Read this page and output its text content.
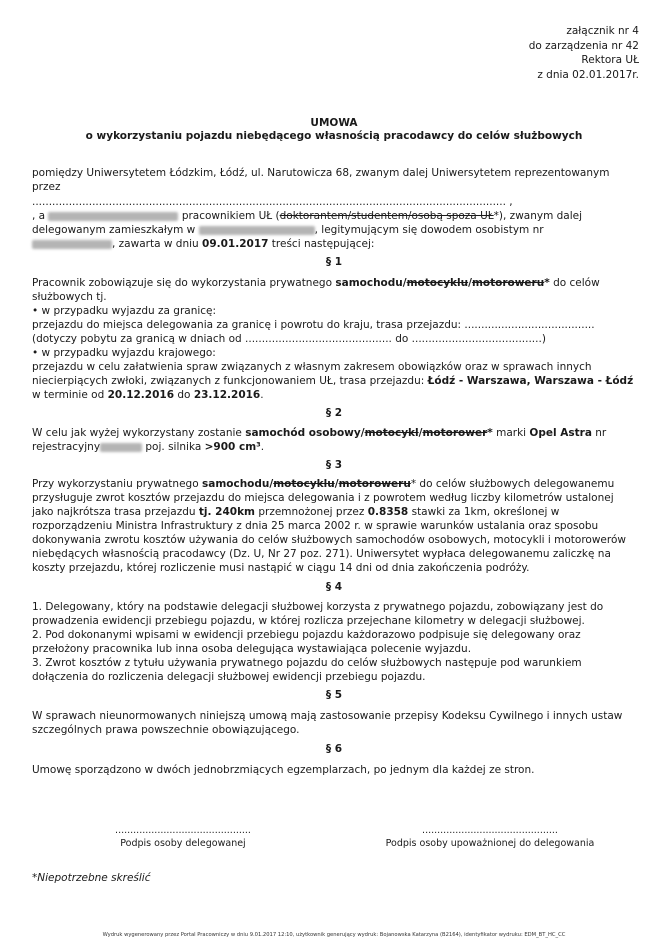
załącznik nr 4
do zarządzenia nr 42
Rektora UŁ
z dnia 02.01.2017r.
UMOWA
o wykorzystaniu pojazdu niebędącego własnością pracodawcy do celów służbowych
pomiędzy Uniwersytetem Łódzkim, Łódź, ul. Narutowicza 68, zwanym dalej Uniwersytetem reprezentowanym
przez
.............................................................................................................................................. ,
, a	pracownikiem UŁ (doktorantem/studentem/osobą spoza UŁ*), zwanym dalej
delegowanym zamieszkałym w	, legitymującym się dowodem osobistym nr
, zawarta w dniu 09.01.2017 treści następującej:
§ 1
Pracownik zobowiązuje się do wykorzystania prywatnego samochodu/motocyklu/motoroweru* do celów
służbowych tj.
• w przypadku wyjazdu za granicę:
przejazdu do miejsca delegowania za granicę i powrotu do kraju, trasa przejazdu: .......................................
(dotyczy pobytu za granicą w dniach od ............................................ do .......................................)
• w przypadku wyjazdu krajowego:
przejazdu w celu załatwienia spraw związanych z własnym zakresem obowiązków oraz w sprawach innych
niecierpiących zwłoki, związanych z funkcjonowaniem UŁ, trasa przejazdu: Łódź - Warszawa, Warszawa - Łódź
w terminie od 20.12.2016 do 23.12.2016.
§ 2
W celu jak wyżej wykorzystany zostanie samochód osobowy/motocykl/motorower* marki Opel Astra nr
rejestracyjny	poj. silnika >900 cm³.
§ 3
Przy wykorzystaniu prywatnego samochodu/motocyklu/motoroweru* do celów służbowych delegowanemu
przysługuje zwrot kosztów przejazdu do miejsca delegowania i z powrotem według liczby kilometrów ustalonej
jako najkrótsza trasa przejazdu tj. 240km przemnożonej przez 0.8358 stawki za 1km, określonej w
rozporządzeniu Ministra Infrastruktury z dnia 25 marca 2002 r. w sprawie warunków ustalania oraz sposobu
dokonywania zwrotu kosztów używania do celów służbowych samochodów osobowych, motocykli i motorowerów
niebędących własnością pracodawcy (Dz. U, Nr 27 poz. 271). Uniwersytet wypłaca delegowanemu zaliczkę na
koszty przejazdu, której rozliczenie musi nastąpić w ciągu 14 dni od dnia zakończenia podróży.
§ 4
1. Delegowany, który na podstawie delegacji służbowej korzysta z prywatnego pojazdu, zobowiązany jest do
prowadzenia ewidencji przebiegu pojazdu, w której rozlicza przejechane kilometry w delegacji służbowej.
2. Pod dokonanymi wpisami w ewidencji przebiegu pojazdu każdorazowo podpisuje się delegowany oraz
przełożony pracownika lub inna osoba delegująca wystawiająca polecenie wyjazdu.
3. Zwrot kosztów z tytułu używania prywatnego pojazdu do celów służbowych następuje pod warunkiem
dołączenia do rozliczenia delegacji służbowej ewidencji przebiegu pojazdu.
§ 5
W sprawach nieunormowanych niniejszą umową mają zastosowanie przepisy Kodeksu Cywilnego i innych ustaw
szczególnych prawa powszechnie obowiązującego.
§ 6
Umowę sporządzono w dwóch jednobrzmiących egzemplarzach, po jednym dla każdej ze stron.
.............................................
Podpis osoby delegowanej
.............................................
Podpis osoby upoważnionej do delegowania
*Niepotrzebne skreślić
Wydruk wygenerowany przez Portal Pracowniczy w dniu 9.01.2017 12:10, użytkownik generujący wydruk: Bojanowska Katarzyna (B2164), identyfikator wydruku: EDM_BT_HC_CC
